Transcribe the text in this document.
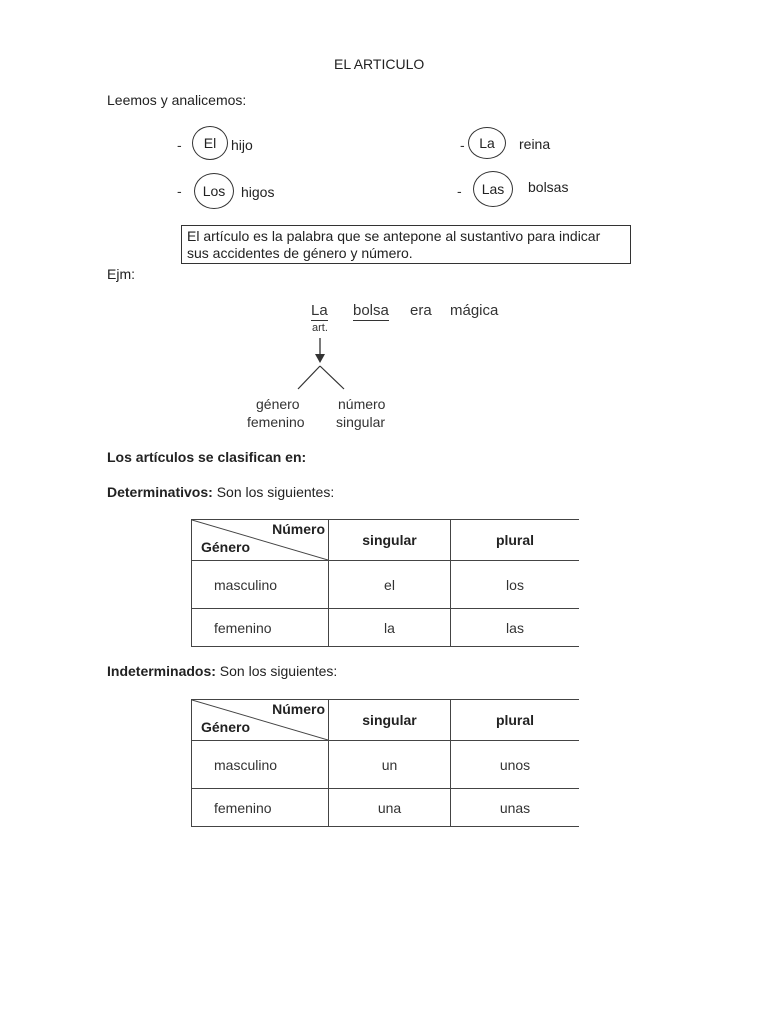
EL ARTICULO
Leemos y analicemos:
-	El	hijo	-	La	reina
-	Los	higos	-	Las	bolsas
El artículo es la palabra que se antepone al sustantivo para indicar sus accidentes de género y número.
Ejm:
La bolsa era mágica
art.
género
femenino
número
singular
Los artículos se clasifican en:
Determinativos: Son los siguientes:
Número
Género	singular	plural
masculino	el	los
femenino	la	las
Indeterminados: Son los siguientes:
Número
Género	singular	plural
masculino	un	unos
femenino	una	unas
